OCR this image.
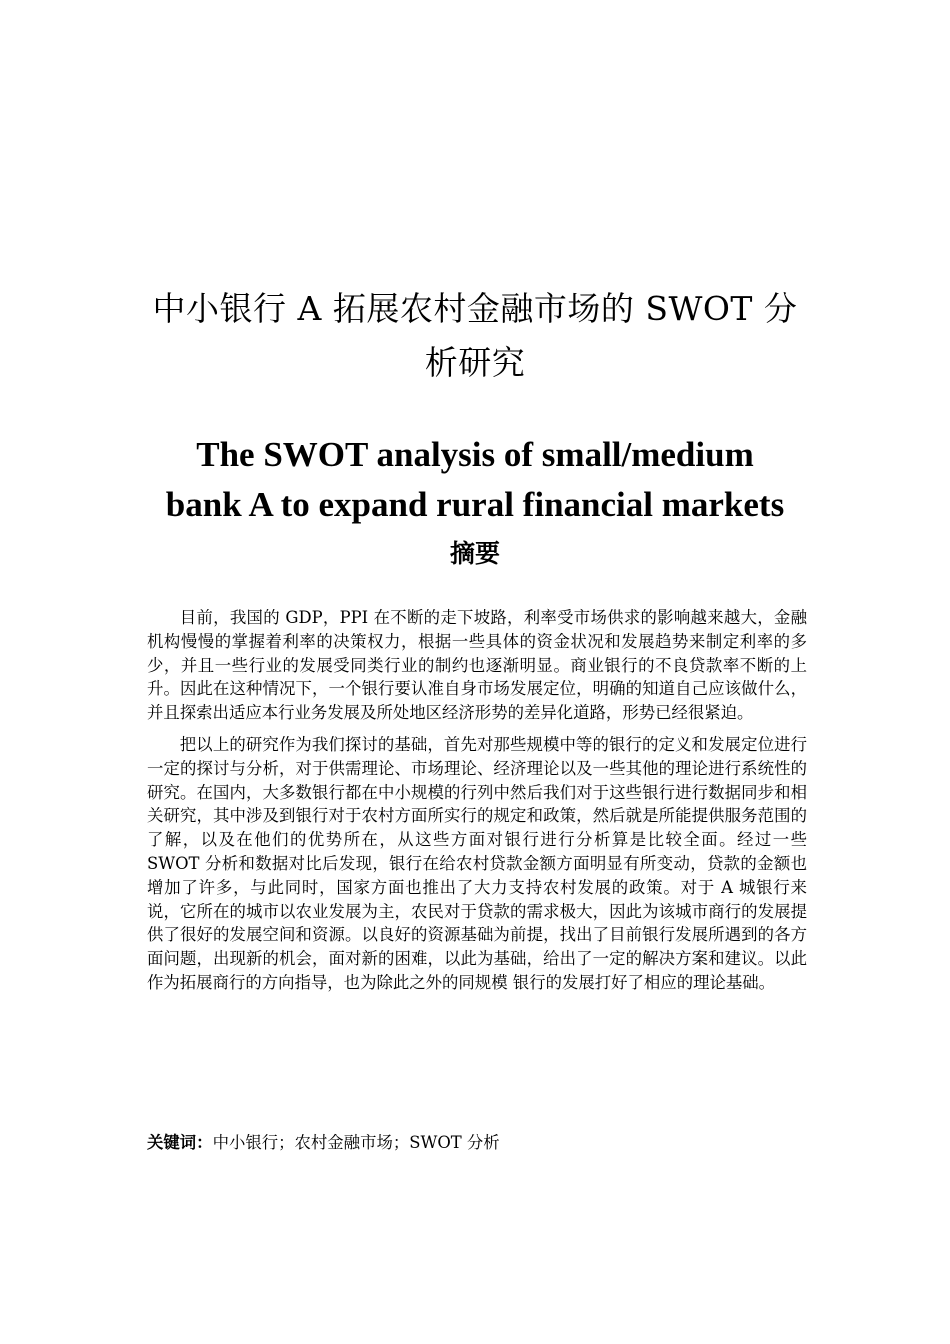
中小银行 A 拓展农村金融市场的 SWOT 分
析研究
The SWOT analysis of small/medium
bank A to expand rural financial markets
摘要

目前，我国的 GDP，PPI 在不断的走下坡路，利率受市场供求的影响越来越大，金融机构慢慢的掌握着利率的决策权力，根据一些具体的资金状况和发展趋势来制定利率的多少，并且一些行业的发展受同类行业的制约也逐渐明显。商业银行的不良贷款率不断的上升。因此在这种情况下，一个银行要认准自身市场发展定位，明确的知道自己应该做什么，并且探索出适应本行业务发展及所处地区经济形势的差异化道路，形势已经很紧迫。

把以上的研究作为我们探讨的基础，首先对那些规模中等的银行的定义和发展定位进行一定的探讨与分析，对于供需理论、市场理论、经济理论以及一些其他的理论进行系统性的研究。在国内，大多数银行都在中小规模的行列中然后我们对于这些银行进行数据同步和相关研究，其中涉及到银行对于农村方面所实行的规定和政策，然后就是所能提供服务范围的了解，以及在他们的优势所在，从这些方面对银行进行分析算是比较全面。经过一些 SWOT 分析和数据对比后发现，银行在给农村贷款金额方面明显有所变动，贷款的金额也增加了许多，与此同时，国家方面也推出了大力支持农村发展的政策。对于 A 城银行来说，它所在的城市以农业发展为主，农民对于贷款的需求极大，因此为该城市商行的发展提供了很好的发展空间和资源。以良好的资源基础为前提，找出了目前银行发展所遇到的各方面问题，出现新的机会，面对新的困难，以此为基础，给出了一定的解决方案和建议。以此作为拓展商行的方向指导，也为除此之外的同规模 银行的发展打好了相应的理论基础。

关键词：中小银行；农村金融市场；SWOT 分析
